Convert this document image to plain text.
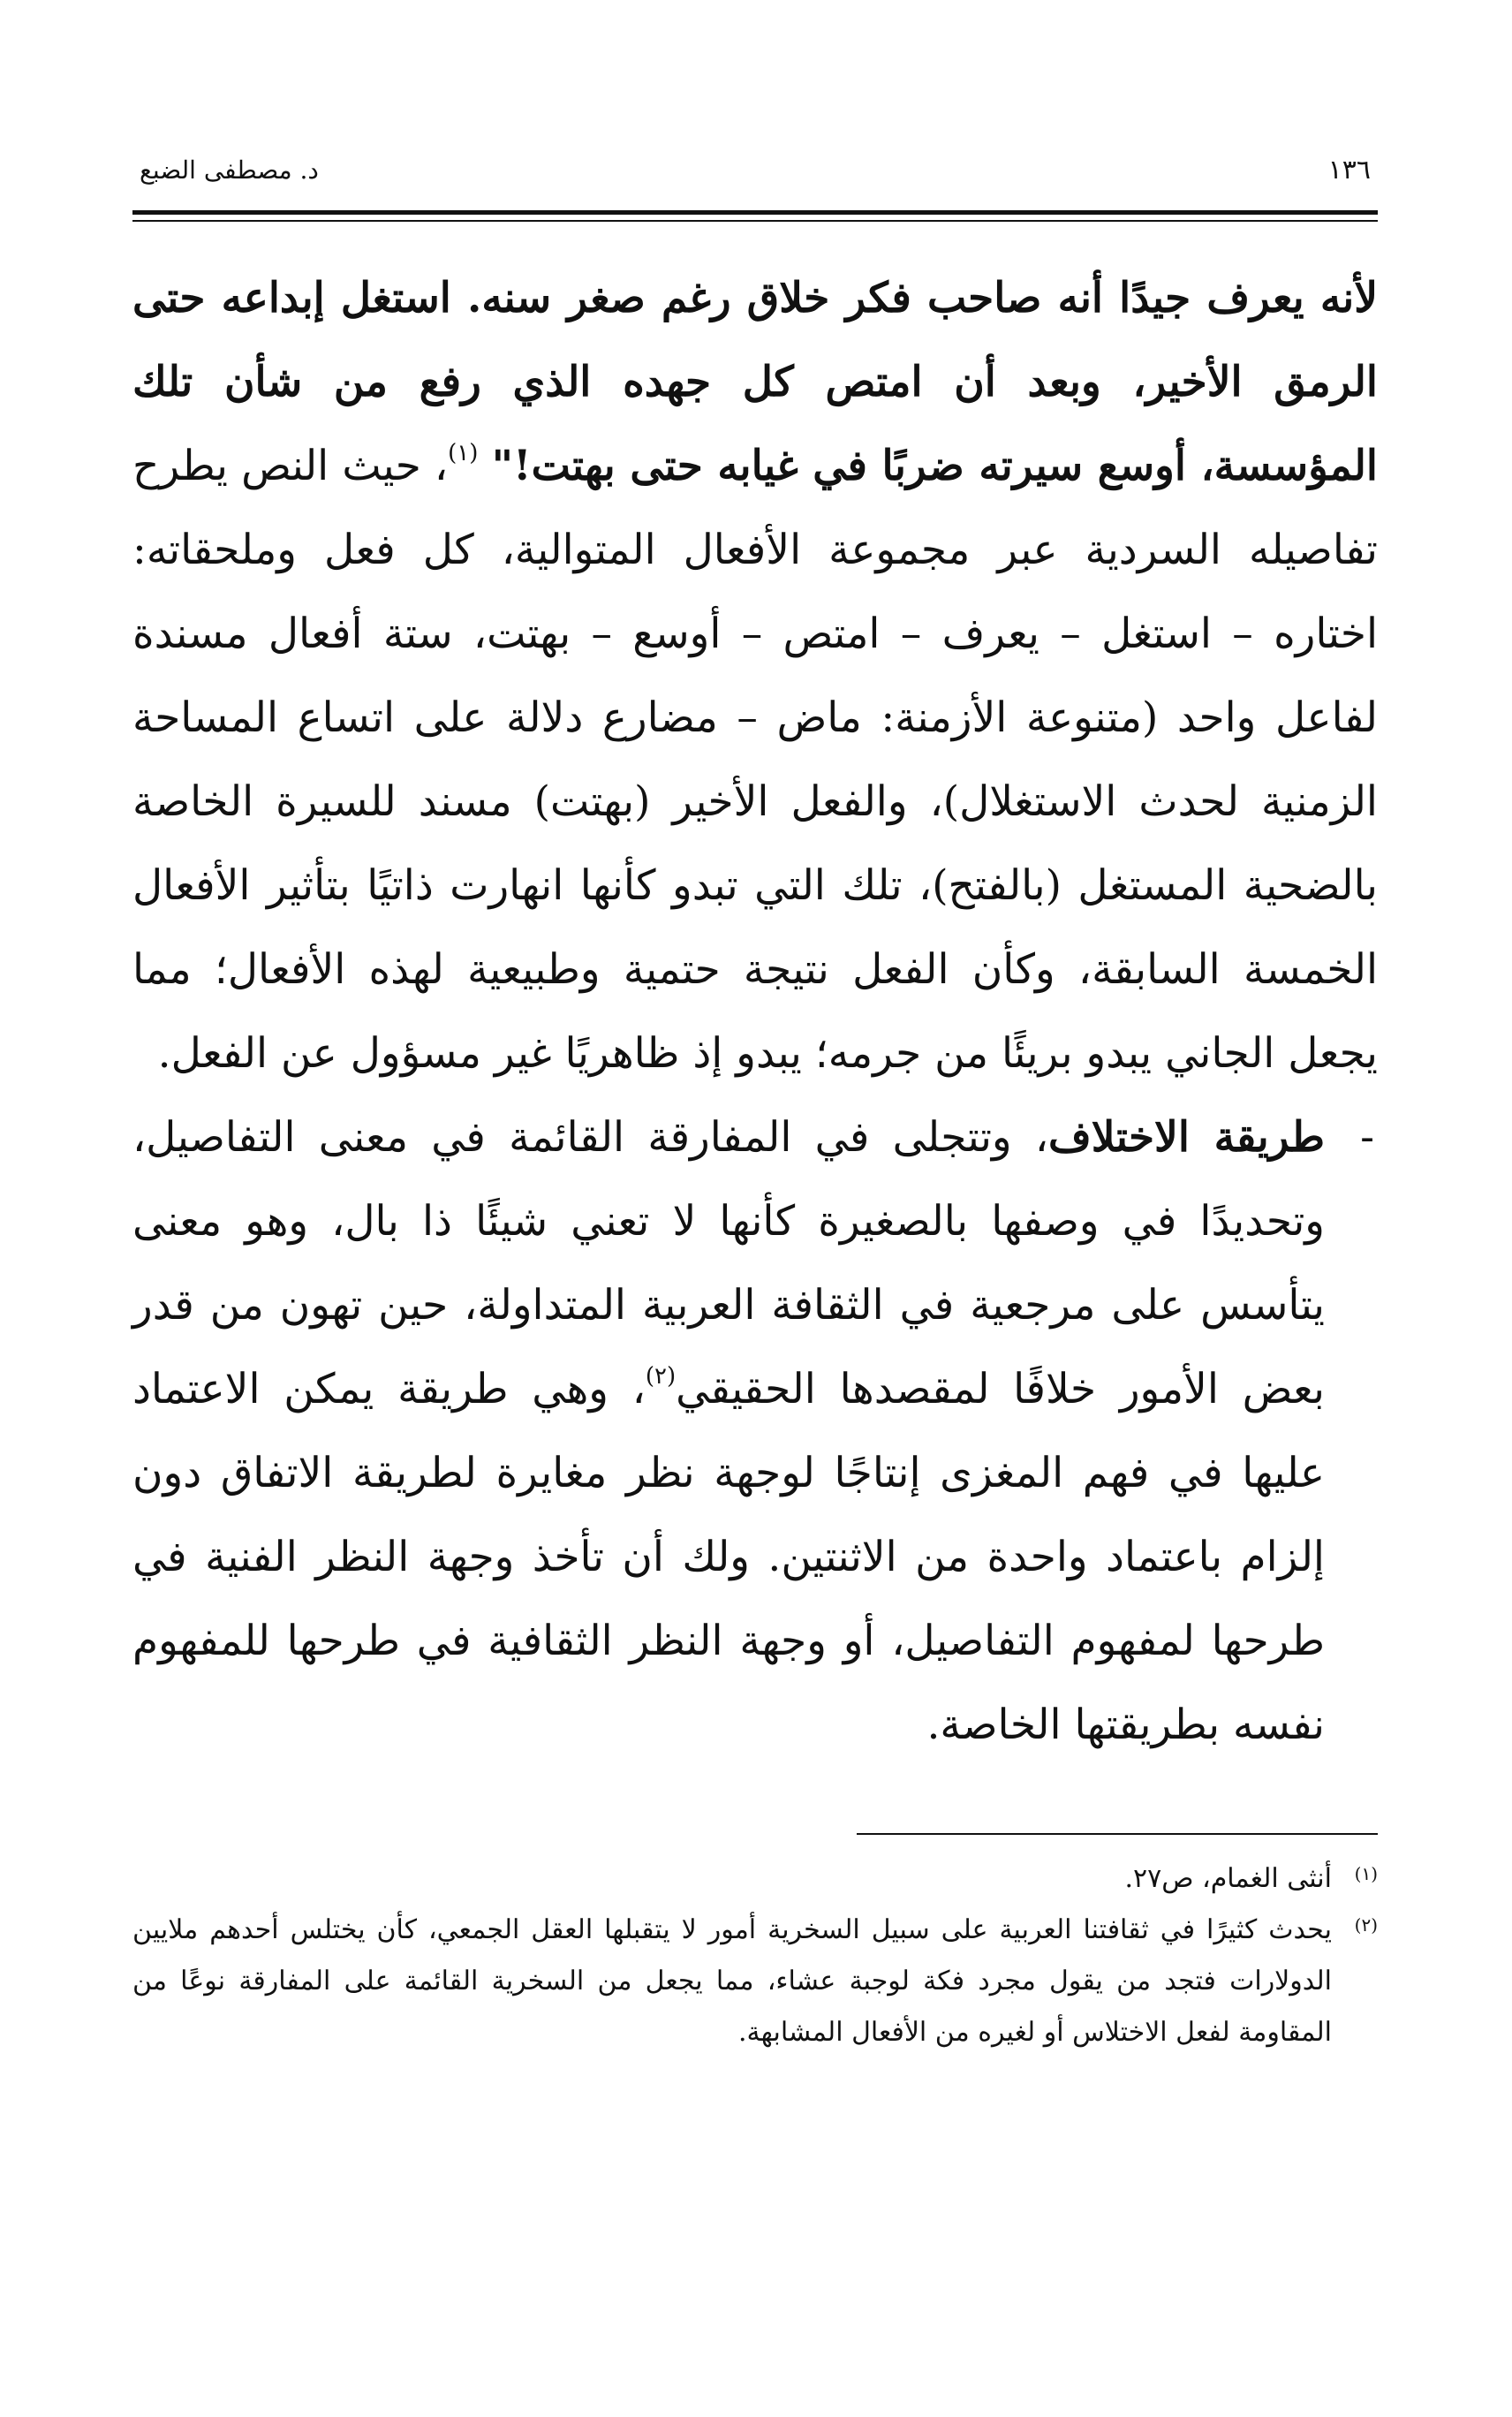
١٣٦
د. مصطفى الضبع

لأنه يعرف جيدًا أنه صاحب فكر خلاق رغم صغر سنه. استغل إبداعه حتى الرمق الأخير، وبعد أن امتص كل جهده الذي رفع من شأن تلك المؤسسة، أوسع سيرته ضربًا في غيابه حتى بهتت!" $^{(١)}$، حيث النص يطرح تفاصيله السردية عبر مجموعة الأفعال المتوالية، كل فعل وملحقاته: اختاره – استغل – يعرف – امتص – أوسع – بهتت، ستة أفعال مسندة لفاعل واحد (متنوعة الأزمنة: ماض – مضارع دلالة على اتساع المساحة الزمنية لحدث الاستغلال)، والفعل الأخير (بهتت) مسند للسيرة الخاصة بالضحية المستغل (بالفتح)، تلك التي تبدو كأنها انهارت ذاتيًا بتأثير الأفعال الخمسة السابقة، وكأن الفعل نتيجة حتمية وطبيعية لهذه الأفعال؛ مما يجعل الجاني يبدو بريئًا من جرمه؛ يبدو إذ ظاهريًا غير مسؤول عن الفعل.

-
طريقة الاختلاف، وتتجلى في المفارقة القائمة في معنى التفاصيل، وتحديدًا في وصفها بالصغيرة كأنها لا تعني شيئًا ذا بال، وهو معنى يتأسس على مرجعية في الثقافة العربية المتداولة، حين تهون من قدر بعض الأمور خلافًا لمقصدها الحقيقي$^{(٢)}$، وهي طريقة يمكن الاعتماد عليها في فهم المغزى إنتاجًا لوجهة نظر مغايرة لطريقة الاتفاق دون إلزام باعتماد واحدة من الاثنتين. ولك أن تأخذ وجهة النظر الفنية في طرحها لمفهوم التفاصيل، أو وجهة النظر الثقافية في طرحها للمفهوم نفسه بطريقتها الخاصة.

(١)
أنثى الغمام، ص٢٧.

(٢)
يحدث كثيرًا في ثقافتنا العربية على سبيل السخرية أمور لا يتقبلها العقل الجمعي، كأن يختلس أحدهم ملايين الدولارات فتجد من يقول مجرد فكة لوجبة عشاء، مما يجعل من السخرية القائمة على المفارقة نوعًا من المقاومة لفعل الاختلاس أو لغيره من الأفعال المشابهة.
